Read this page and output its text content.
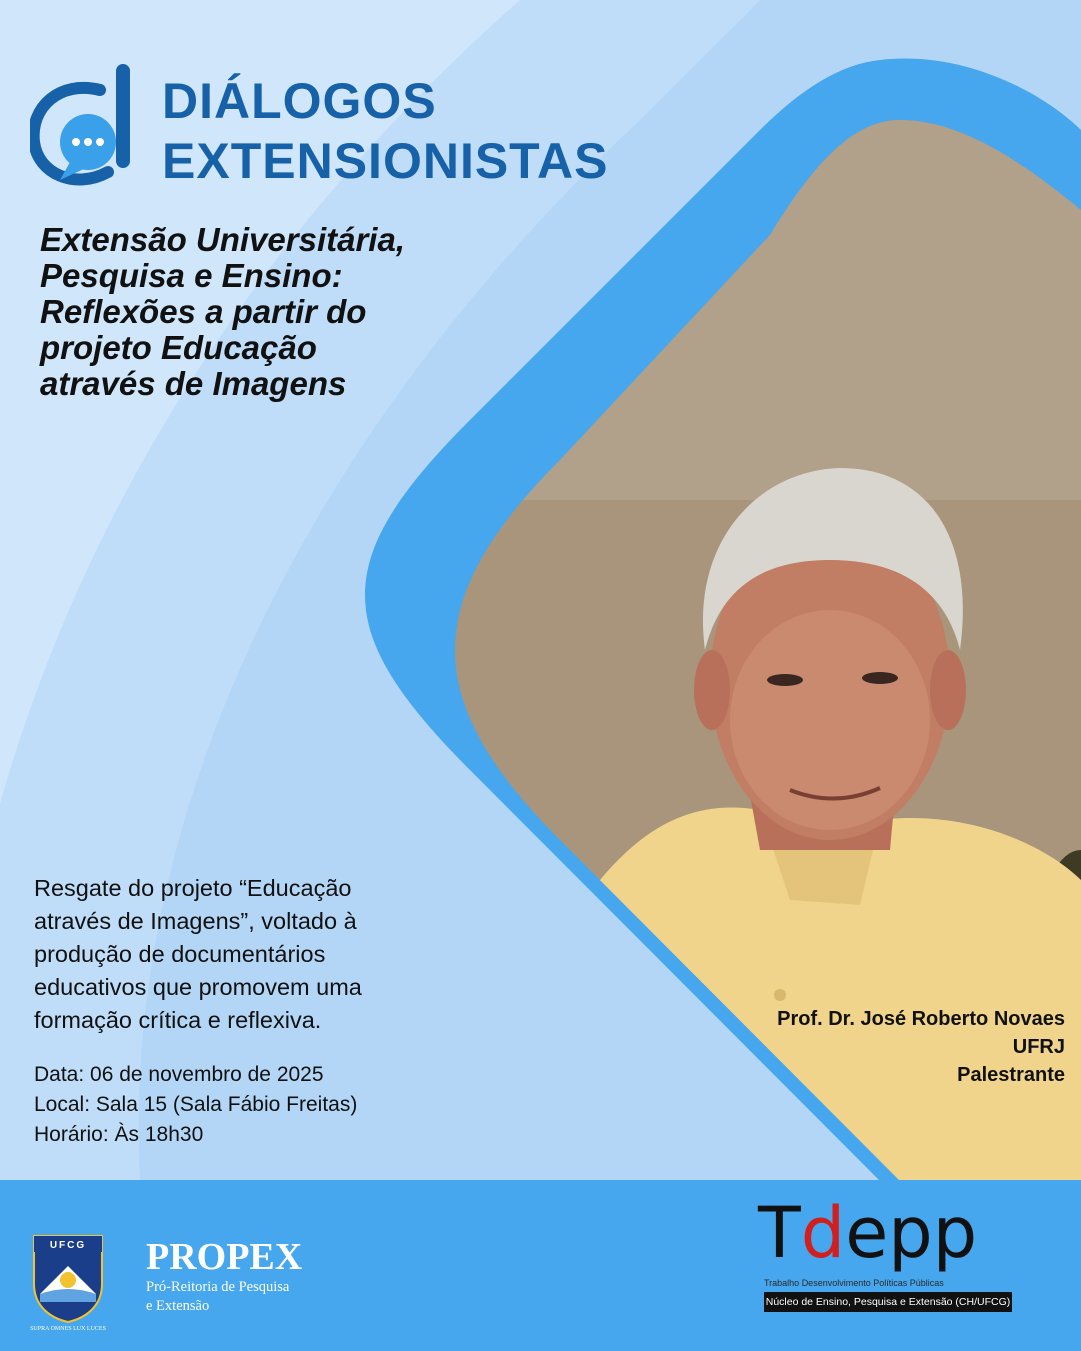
DIÁLOGOS
EXTENSIONISTAS
Extensão Universitária,
Pesquisa e Ensino:
Reflexões a partir do
projeto Educação
através de Imagens
Resgate do projeto “Educação
através de Imagens”, voltado à
produção de documentários
educativos que promovem uma
formação crítica e reflexiva.
Data: 06 de novembro de 2025
Local: Sala 15 (Sala Fábio Freitas)
Horário: Às 18h30
Prof. Dr. José Roberto Novaes
UFRJ
Palestrante
UFCG
SUPRA OMNES LUX LUCES
PROPEX
Pró-Reitoria de Pesquisa
e Extensão
Tdepp
Trabalho Desenvolvimento Políticas Públicas
Núcleo de Ensino, Pesquisa e Extensão (CH/UFCG)
